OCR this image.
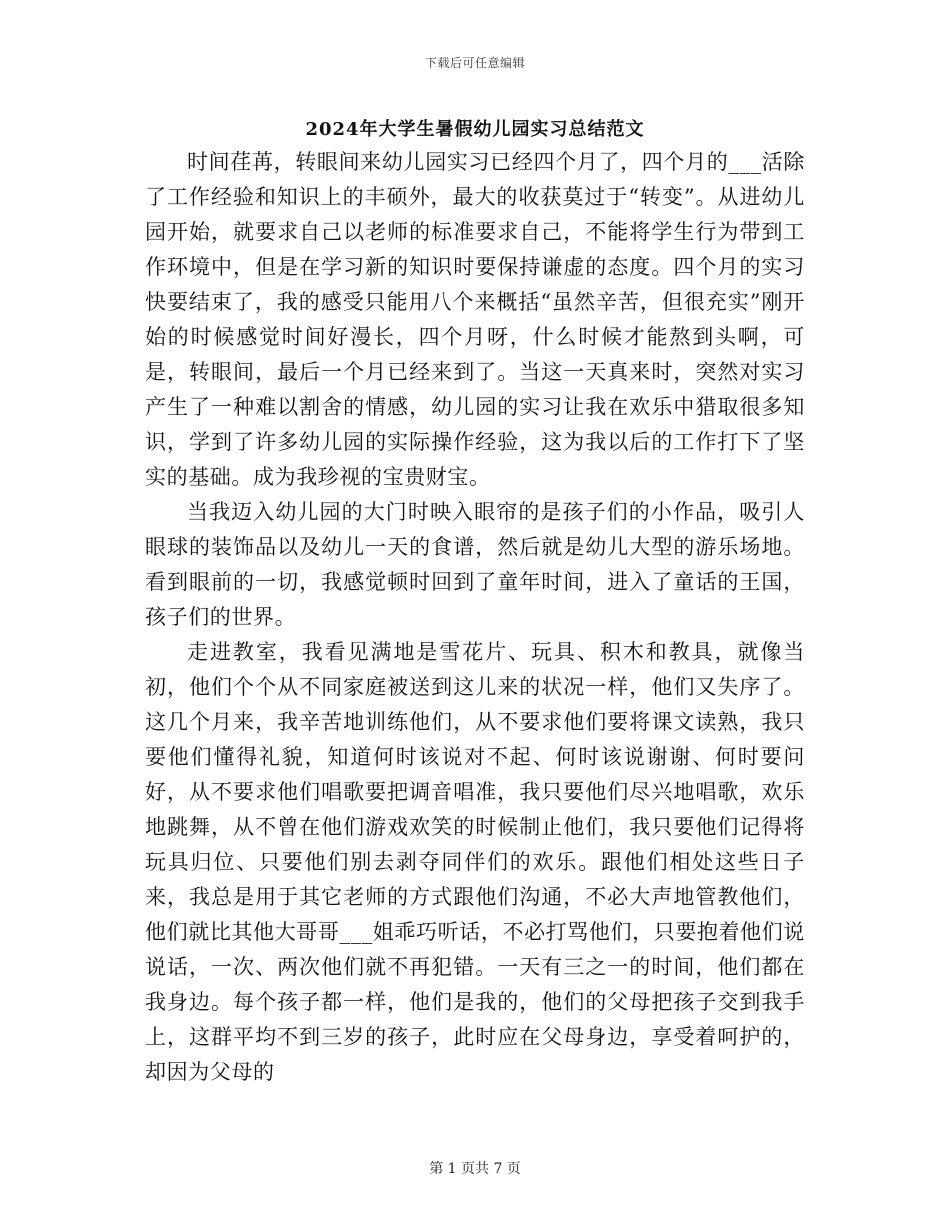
下载后可任意编辑
2024年大学生暑假幼儿园实习总结范文

时间荏苒，转眼间来幼儿园实习已经四个月了，四个月的___活除了工作经验和知识上的丰硕外，最大的收获莫过于“转变”。从进幼儿园开始，就要求自己以老师的标准要求自己，不能将学生行为带到工作环境中，但是在学习新的知识时要保持谦虚的态度。四个月的实习快要结束了，我的感受只能用八个来概括“虽然辛苦，但很充实”刚开始的时候感觉时间好漫长，四个月呀，什么时候才能熬到头啊，可是，转眼间，最后一个月已经来到了。当这一天真来时，突然对实习产生了一种难以割舍的情感，幼儿园的实习让我在欢乐中猎取很多知识，学到了许多幼儿园的实际操作经验，这为我以后的工作打下了坚实的基础。成为我珍视的宝贵财宝。

当我迈入幼儿园的大门时映入眼帘的是孩子们的小作品，吸引人眼球的装饰品以及幼儿一天的食谱，然后就是幼儿大型的游乐场地。看到眼前的一切，我感觉顿时回到了童年时间，进入了童话的王国，孩子们的世界。

走进教室，我看见满地是雪花片、玩具、积木和教具，就像当初，他们个个从不同家庭被送到这儿来的状况一样，他们又失序了。这几个月来，我辛苦地训练他们，从不要求他们要将课文读熟，我只要他们懂得礼貌，知道何时该说对不起、何时该说谢谢、何时要问好，从不要求他们唱歌要把调音唱准，我只要他们尽兴地唱歌，欢乐地跳舞，从不曾在他们游戏欢笑的时候制止他们，我只要他们记得将玩具归位、只要他们别去剥夺同伴们的欢乐。跟他们相处这些日子来，我总是用于其它老师的方式跟他们沟通，不必大声地管教他们，他们就比其他大哥哥___姐乖巧听话，不必打骂他们，只要抱着他们说说话，一次、两次他们就不再犯错。一天有三之一的时间，他们都在我身边。每个孩子都一样，他们是我的，他们的父母把孩子交到我手上，这群平均不到三岁的孩子，此时应在父母身边，享受着呵护的，却因为父母的

第 1 页共 7 页
